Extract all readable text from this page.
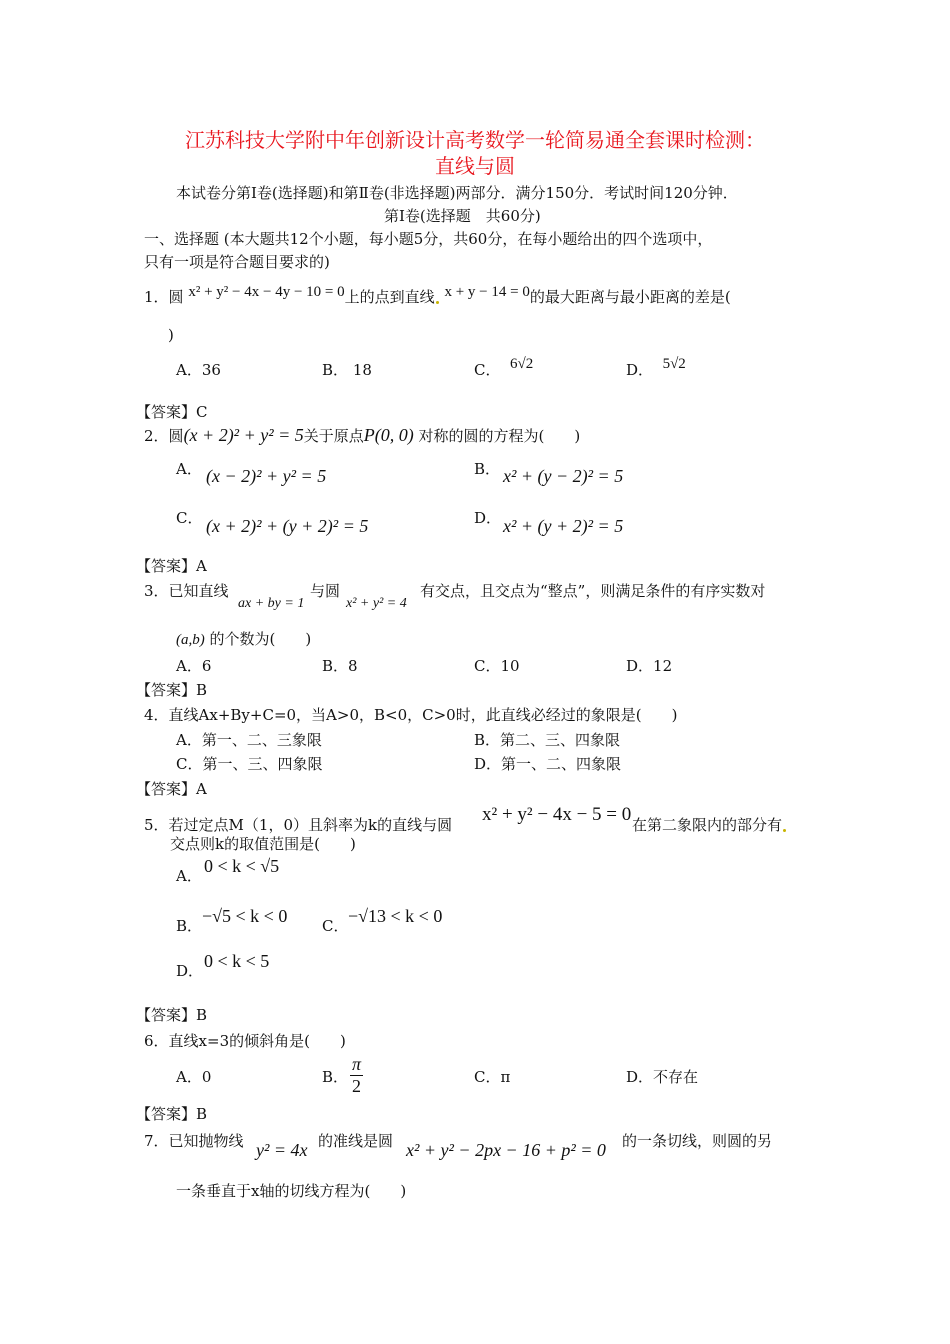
江苏科技大学附中年创新设计高考数学一轮简易通全套课时检测：
直线与圆
本试卷分第Ⅰ卷(选择题)和第Ⅱ卷(非选择题)两部分．满分150分．考试时间120分钟．
第Ⅰ卷(选择题　共60分)
一、选择题 (本大题共12个小题，每小题5分，共60分，在每小题给出的四个选项中，
只有一项是符合题目要求的)
1．圆 x² + y² − 4x − 4y − 10 = 0上的点到直线 x + y − 14 = 0的最大距离与最小距离的差是(
)
A．36	B． 18	C． 6√2	D． 5√2
【答案】C
2．圆(x + 2)² + y² = 5关于原点P(0, 0) 对称的圆的方程为(　　)
A． (x − 2)² + y² = 5	B． x² + (y − 2)² = 5
C． (x + 2)² + (y + 2)² = 5	D． x² + (y + 2)² = 5
【答案】A
3．已知直线
ax + by = 1
与圆
x² + y² = 4
有交点，且交点为“整点”，则满足条件的有序实数对
(a,b) 的个数为(　　)
A．6	B．8	C．10	D．12
【答案】B
4．直线Ax+By+C=0，当A>0，B<0，C>0时，此直线必经过的象限是(　　)
A．第一、二、三象限	B．第二、三、四象限
C．第一、三、四象限	D．第一、二、四象限
【答案】A
5．若过定点M（1，0）且斜率为k的直线与圆 x² + y² − 4x − 5 = 0 在第二象限内的部分有
交点则k的取值范围是(　　)
A． 0 < k < √5
B． −√5 < k < 0 C． −√13 < k < 0
D． 0 < k < 5
【答案】B
6．直线x=3的倾斜角是(　　)
A．0	B． $\frac{\pi}{2}$	C．π	D．不存在
【答案】B
7．已知抛物线 y² = 4x 的准线是圆 x² + y² − 2px − 16 + p² = 0 的一条切线，则圆的另
一条垂直于x轴的切线方程为(　　)
